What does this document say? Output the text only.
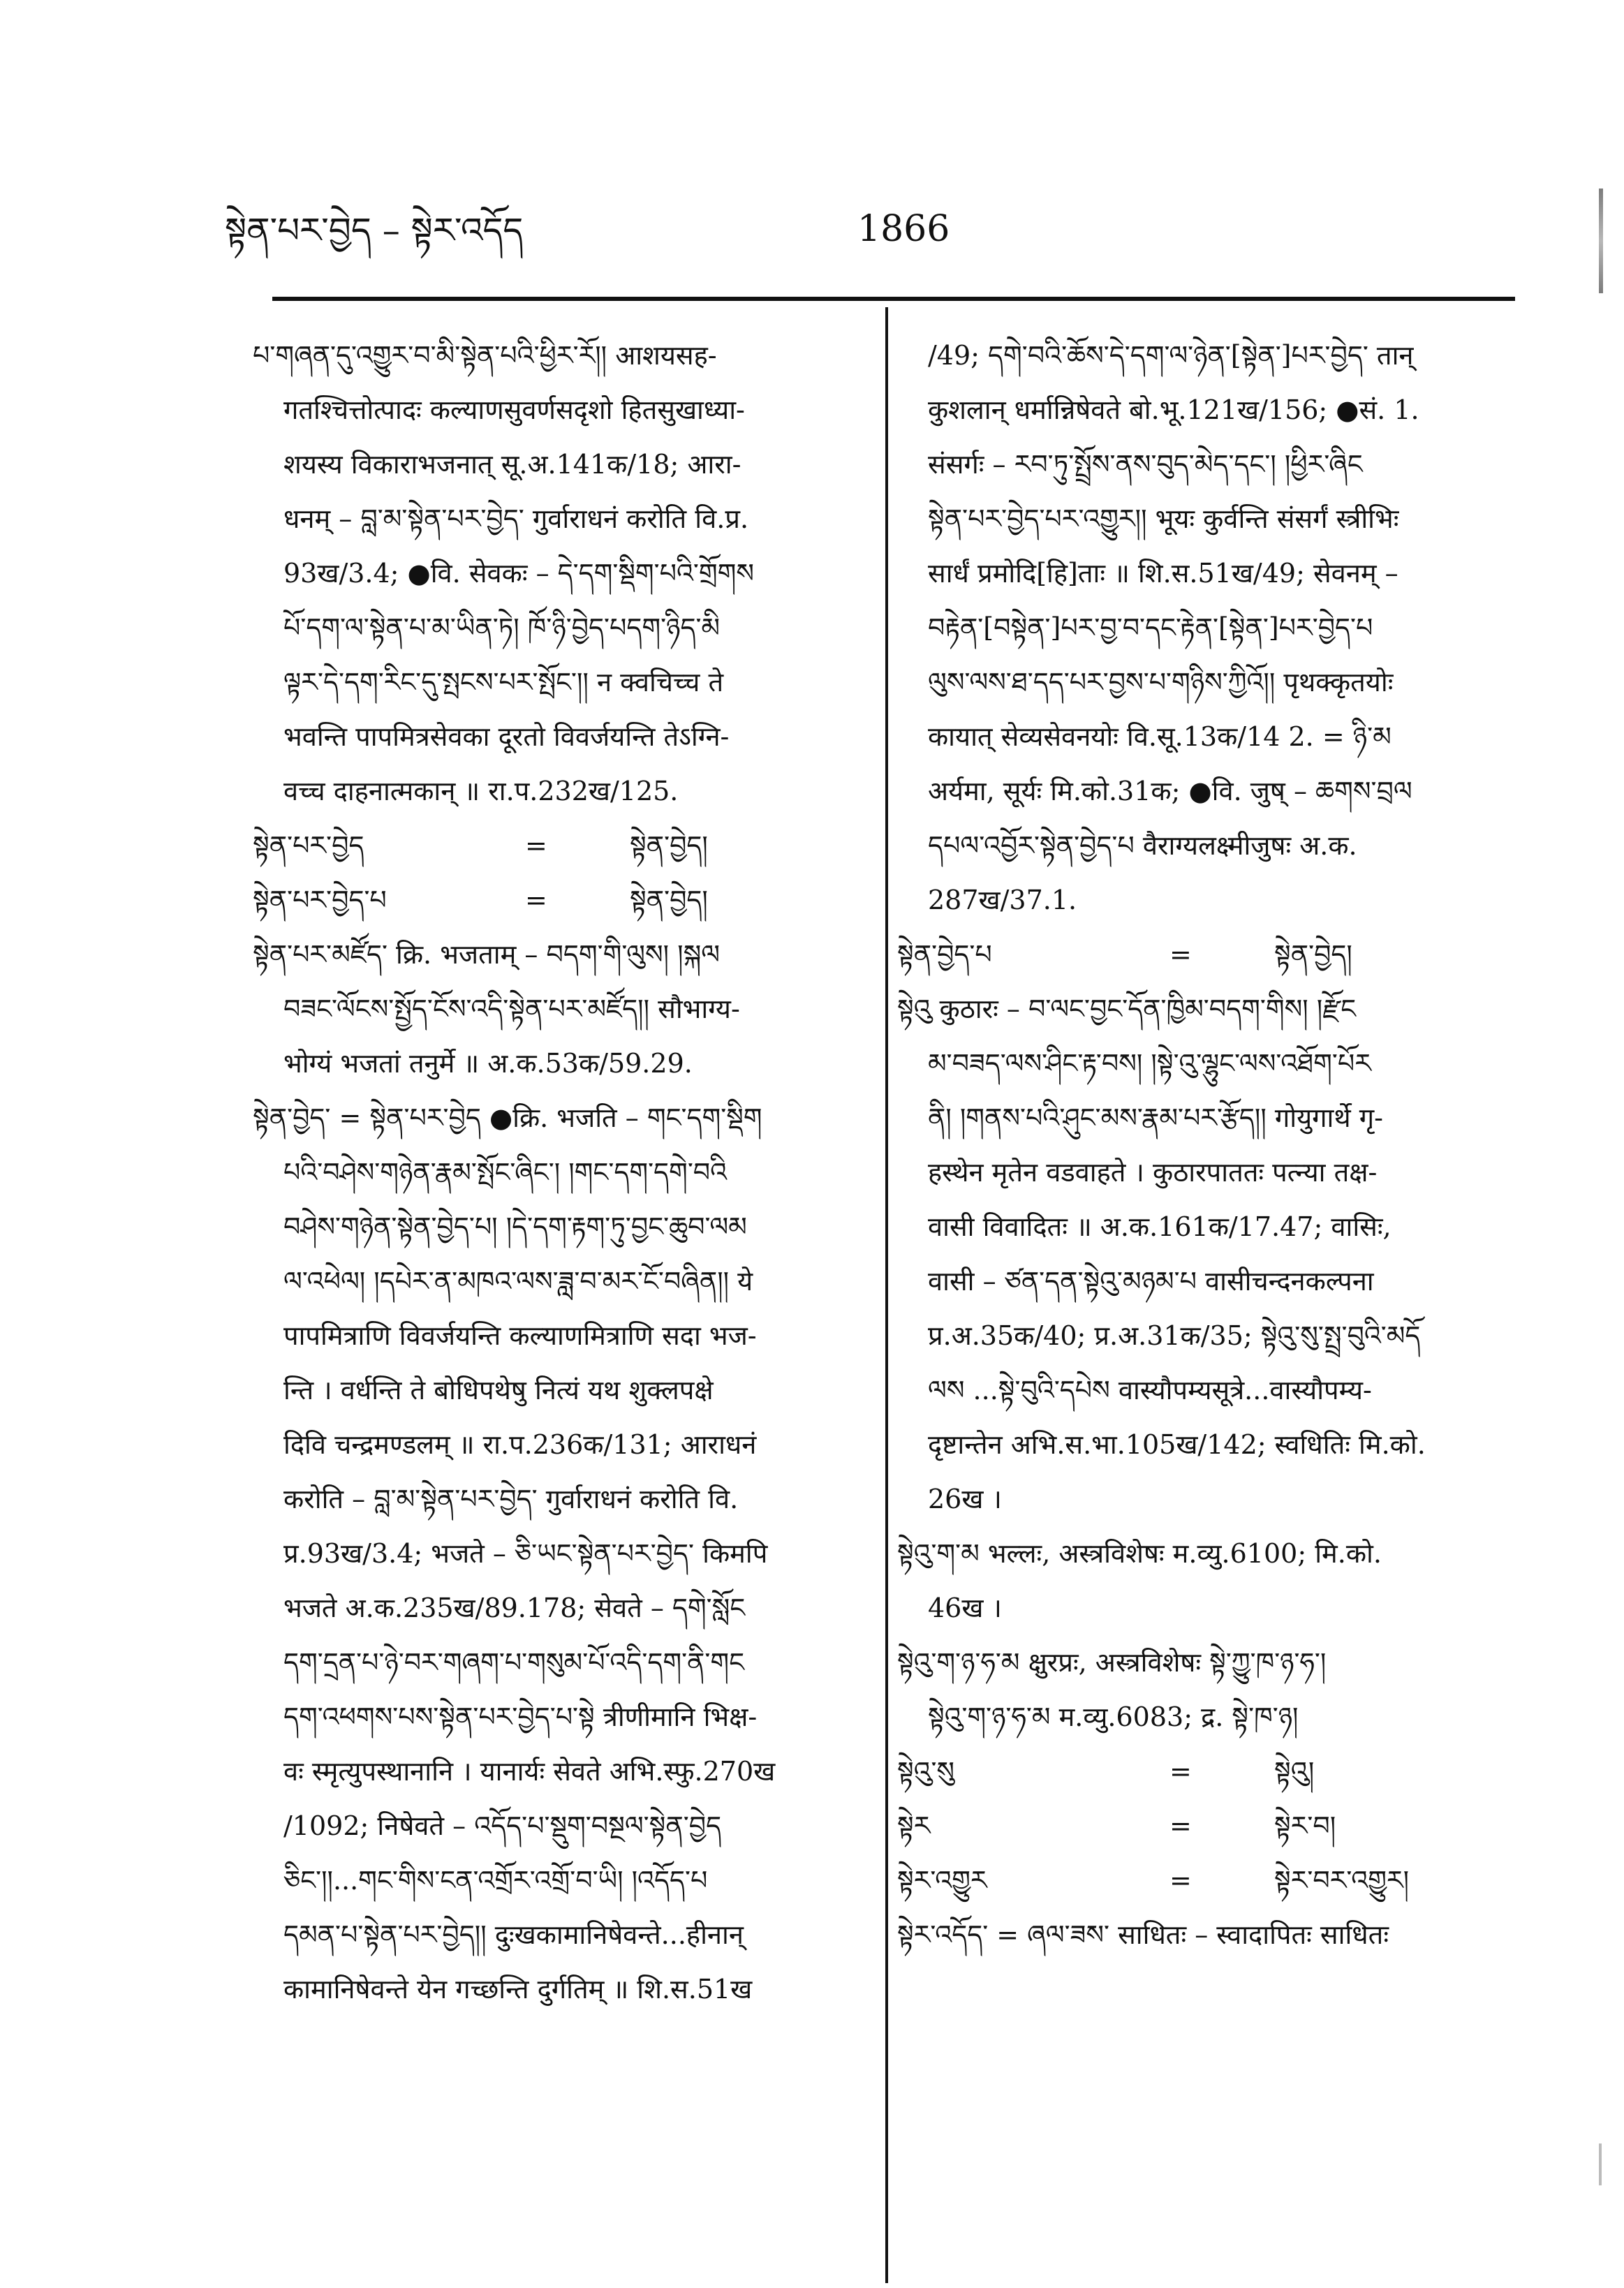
སྟེན་པར་བྱེད – སྟེར་འདོད	1866
པ་གཞན་དུ་འགྱུར་བ་མི་སྟེན་པའི་ཕྱིར་རོ།། आशयसह-
गतश्चित्तोत्पादः कल्याणसुवर्णसदृशो हितसुखाध्या-
शयस्य विकाराभजनात् सू.अ.141क/18; आरा-
धनम् – བླ་མ་སྟེན་པར་བྱེད་ गुर्वाराधनं करोति वि.प्र.
93ख/3.4; ●वि. सेवकः – དེ་དག་སྡིག་པའི་གྲོགས
པོ་དག་ལ་སྟེན་པ་མ་ཡིན་ཏེ། ཁོ་ཉི་བྱེད་པདག་ཉིད་མི
ལྟར་དེ་དག་རིང་དུ་སྤངས་པར་སྤོང་།། न क्वचिच्च ते
भवन्ति पापमित्रसेवका दूरतो विवर्जयन्ति तेऽग्नि-
वच्च दाहनात्मकान् ॥ रा.प.232ख/125.
སྟེན་པར་བྱེད	=	སྟེན་བྱེད།
སྟེན་པར་བྱེད་པ	=	སྟེན་བྱེད།
སྟེན་པར་མཛོད་ क्रि. भजताम् – བདག་གི་ལུས། །སྐལ
བཟང་ལོངས་སྤྱོད་ངོས་འདི་སྟེན་པར་མཛོད།། सौभाग्य-
भोग्यं भजतां तनुर्मे ॥ अ.क.53क/59.29.
སྟེན་བྱེད་ = སྟེན་པར་བྱེད ●क्रि. भजति – གང་དག་སྡིག
པའི་བཤེས་གཉེན་རྣམ་སྤོང་ཞིང་། །གང་དག་དགེ་བའི
བཤེས་གཉེན་སྟེན་བྱེད་པ། །དེ་དག་རྟག་ཏུ་བྱང་ཆུབ་ལམ
ལ་འཕེལ། །དཔེར་ན་མཁའ་ལས་ཟླ་བ་མར་ངོ་བཞིན།། ये
पापमित्राणि विवर्जयन्ति कल्याणमित्राणि सदा भज-
न्ति । वर्धन्ति ते बोधिपथेषु नित्यं यथ शुक्लपक्षे
दिवि चन्द्रमण्डलम् ॥ रा.प.236क/131; आराधनं
करोति – བླ་མ་སྟེན་པར་བྱེད་ गुर्वाराधनं करोति वि.
प्र.93ख/3.4; भजते – ཅི་ཡང་སྟེན་པར་བྱེད་ किमपि
भजते अ.क.235ख/89.178; सेवते – དགེ་སློང
དག་དྲན་པ་ཉེ་བར་གཞག་པ་གསུམ་པོ་འདི་དག་ནི་གང
དག་འཕགས་པས་སྟེན་པར་བྱེད་པ་སྟེ त्रीणीमानि भिक्ष-
वः स्मृत्युपस्थानानि । यानार्यः सेवते अभि.स्फु.270ख
/1092; निषेवते – འདོད་པ་སྡུག་བསྔལ་སྟེན་བྱེད
ཅིང་།།...གང་གིས་ངན་འགྲོར་འགྲོ་བ་ཡི། །འདོད་པ
དམན་པ་སྟེན་པར་བྱེད།། दुःखकामानिषेवन्ते...हीनान्
कामानिषेवन्ते येन गच्छन्ति दुर्गतिम् ॥ शि.स.51ख
/49; དགེ་བའི་ཆོས་དེ་དག་ལ་ཉེན་[སྟེན་]པར་བྱེད་ तान्
कुशलान् धर्मान्निषेवते बो.भू.121ख/156; ●सं. 1.
संसर्गः – རབ་ཏུ་སྤྲོས་ནས་བུད་མེད་དང་། །ཕྱིར་ཞིང
སྟེན་པར་བྱེད་པར་འགྱུར།། भूयः कुर्वन्ति संसर्गं स्त्रीभिः
सार्धं प्रमोदि[हि]ताः ॥ शि.स.51ख/49; सेवनम् –
བརྟེན་[བསྟེན་]པར་བྱ་བ་དང་རྟེན་[སྟེན་]པར་བྱེད་པ
ལུས་ལས་ཐ་དད་པར་བྱས་པ་གཉིས་ཀྱིའོ།། पृथक्कृतयोः
कायात् सेव्यसेवनयोः वि.सू.13क/14 2. = ཉི་མ
अर्यमा, सूर्यः मि.को.31क; ●वि. जुष् – ཆགས་བྲལ
དཔལ་འབྱོར་སྟེན་བྱེད་པ वैराग्यलक्ष्मीजुषः अ.क.
287ख/37.1.
སྟེན་བྱེད་པ	=	སྟེན་བྱེད།
སྟེའུ कुठारः – བ་ལང་བྱང་དོན་ཁྱིམ་བདག་གིས། །རྫོང
མ་བཟད་ལས་ཤིང་རྟ་བས། །སྟེ་འུ་ལྷུང་ལས་འཐོག་པོར
ནི། །གནས་པའི་ཤུང་མས་རྣམ་པར་རྩོད།། गोयुगार्थे गृ-
हस्थेन मृतेन वडवाहते । कुठारपाततः पत्न्या तक्ष-
वासी विवादितः ॥ अ.क.161क/17.47; वासिः,
वासी – ཙན་དན་སྟེའུ་མཉམ་པ वासीचन्दनकल्पना
प्र.अ.35क/40; प्र.अ.31क/35; སྟེའུ་སུ་སྤྲ་བུའི་མདོ
ལས ...སྟེ་བུའི་དཔེས वास्यौपम्यसूत्रे...वास्यौपम्य-
दृष्टान्तेन अभि.स.भा.105ख/142; स्वधितिः मि.को.
26ख ।
སྟེའུ་ག་མ भल्लः, अस्त्रविशेषः म.व्यु.6100; मि.को.
46ख ।
སྟེའུ་ག་ཉ་ཧ་མ क्षुरप्रः, अस्त्रविशेषः སྟེ་ཀྱུ་ཁ་ཉ་ཧ་།
སྟེའུ་ག་ཉ་ཧ་མ म.व्यु.6083; द्र. སྟེ་ཁ་ཉ།
སྟེའུ་སུ	=	སྟེའུ།
སྟེར	=	སྟེར་བ།
སྟེར་འགྱུར	=	སྟེར་བར་འགྱུར།
སྟེར་འདོད་ = ཞལ་ཟས་ साधितः – स्वादापितः साधितः
